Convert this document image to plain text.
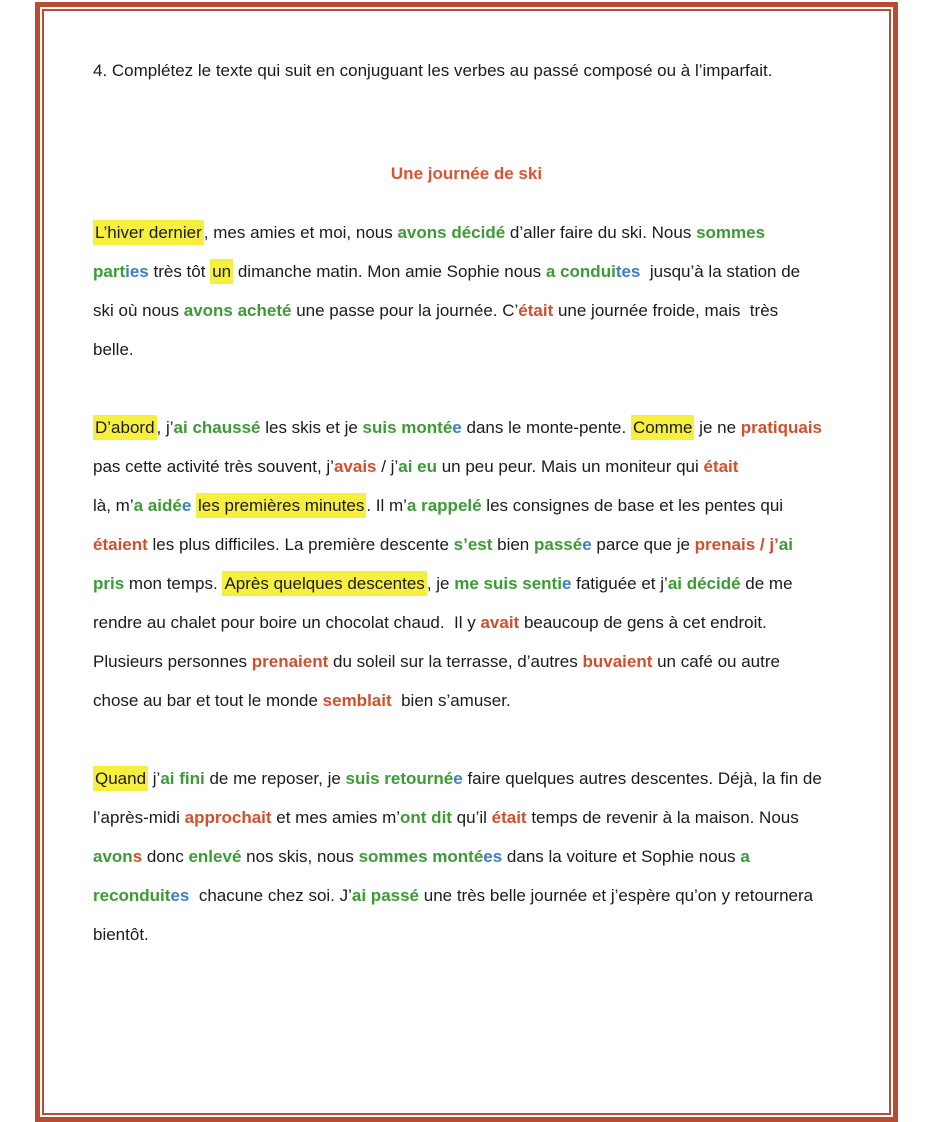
4. Complétez le texte qui suit en conjuguant les verbes au passé composé ou à l’imparfait.

Une journée de ski
L’hiver dernier , mes amies et moi, nous avons décidé d’aller faire du ski. Nous sommes
parties très tôt un dimanche matin. Mon amie Sophie nous a conduites  jusqu’à la station de
ski où nous avons acheté une passe pour la journée. C’était une journée froide, mais  très
belle.
D’abord , j’ai chaussé les skis et je suis montée dans le monte-pente. Comme je ne pratiquais
pas cette activité très souvent, j’avais / j’ai eu un peu peur. Mais un moniteur qui était
là, m’a aidée les premières minutes . Il m’a rappelé les consignes de base et les pentes qui
étaient les plus difficiles. La première descente s’est bien passée parce que je prenais / j’ai
pris mon temps. Après quelques descentes , je me suis sentie fatiguée et j’ai décidé de me
rendre au chalet pour boire un chocolat chaud.  Il y avait beaucoup de gens à cet endroit.
Plusieurs personnes prenaient du soleil sur la terrasse, d’autres buvaient un café ou autre
chose au bar et tout le monde semblait  bien s’amuser.
Quand j’ai fini de me reposer, je suis retournée faire quelques autres descentes. Déjà, la fin de
l’après-midi approchait et mes amies m’ont dit qu’il était temps de revenir à la maison. Nous
avons donc enlevé nos skis, nous sommes montées dans la voiture et Sophie nous a
reconduites  chacune chez soi. J’ai passé une très belle journée et j’espère qu’on y retournera
bientôt.
